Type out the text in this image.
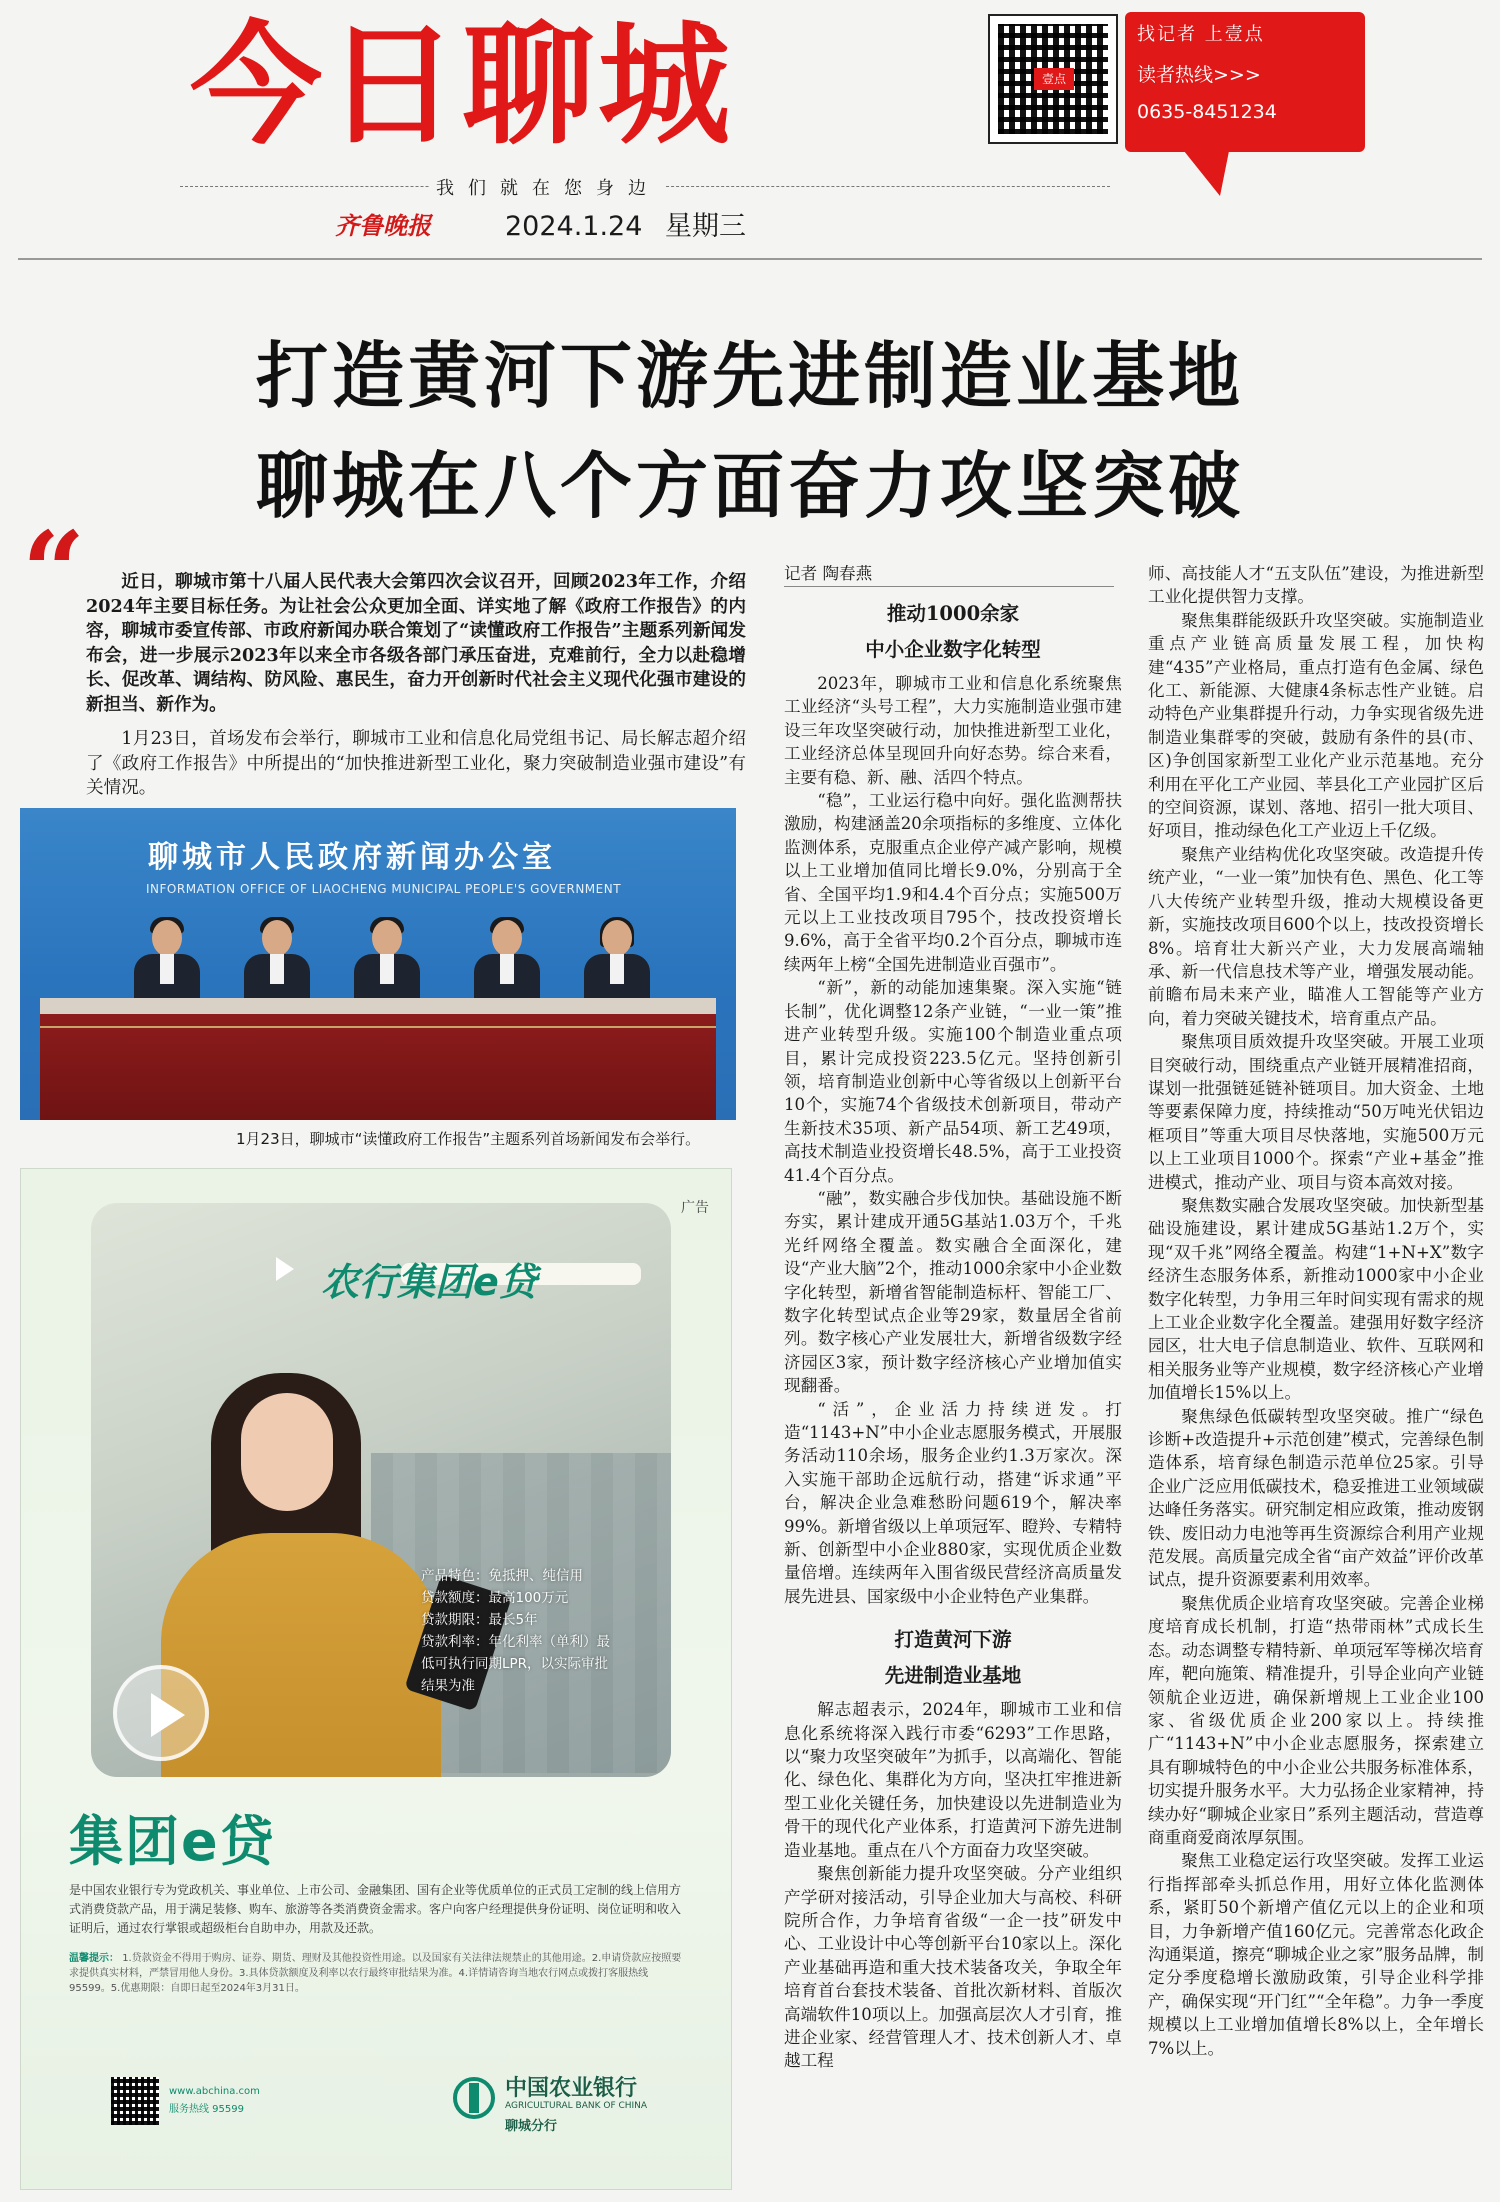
今日聊城	壹点
找记者 上壹点
读者热线>>>
0635-8451234
我们就在您身边
齐鲁晚报	2024.1.24 星期三
打造黄河下游先进制造业基地
聊城在八个方面奋力攻坚突破
“	近日，聊城市第十八届人民代表大会第四次会议召开，回顾2023年工作，介绍2024年主要目标任务。为让社会公众更加全面、详实地了解《政府工作报告》的内容，聊城市委宣传部、市政府新闻办联合策划了“读懂政府工作报告”主题系列新闻发布会，进一步展示2023年以来全市各级各部门承压奋进，克难前行，全力以赴稳增长、促改革、调结构、防风险、惠民生，奋力开创新时代社会主义现代化强市建设的新担当、新作为。

1月23日，首场发布会举行，聊城市工业和信息化局党组书记、局长解志超介绍了《政府工作报告》中所提出的“加快推进新型工业化，聚力突破制造业强市建设”有关情况。

聊城市人民政府新闻办公室
INFORMATION OFFICE OF LIAOCHENG MUNICIPAL PEOPLE'S GOVERNMENT
1月23日，聊城市“读懂政府工作报告”主题系列首场新闻发布会举行。
广告
农行集团e贷
产品特色：免抵押、纯信用
贷款额度：最高100万元
贷款期限：最长5年
贷款利率：年化利率（单利）最低可执行同期LPR，以实际审批结果为准
集团e贷
是中国农业银行专为党政机关、事业单位、上市公司、金融集团、国有企业等优质单位的正式员工定制的线上信用方式消费贷款产品，用于满足装修、购车、旅游等各类消费资金需求。客户向客户经理提供身份证明、岗位证明和收入证明后，通过农行掌银或超级柜台自助申办，用款及还款。
温馨提示： 1.贷款资金不得用于购房、证券、期货、理财及其他投资性用途。以及国家有关法律法规禁止的其他用途。2.申请贷款应按照要求提供真实材料，严禁冒用他人身份。3.具体贷款额度及利率以农行最终审批结果为准。4.详情请咨询当地农行网点或拨打客服热线95599。5.优惠期限：自即日起至2024年3月31日。
www.abchina.com
服务热线 95599
中国农业银行
AGRICULTURAL BANK OF CHINA
聊城分行
记者 陶春燕
推动1000余家
中小企业数字化转型

2023年，聊城市工业和信息化系统聚焦工业经济“头号工程”，大力实施制造业强市建设三年攻坚突破行动，加快推进新型工业化，工业经济总体呈现回升向好态势。综合来看，主要有稳、新、融、活四个特点。

“稳”，工业运行稳中向好。强化监测帮扶激励，构建涵盖20余项指标的多维度、立体化监测体系，克服重点企业停产减产影响，规模以上工业增加值同比增长9.0%，分别高于全省、全国平均1.9和4.4个百分点；实施500万元以上工业技改项目795个，技改投资增长9.6%，高于全省平均0.2个百分点，聊城市连续两年上榜“全国先进制造业百强市”。

“新”，新的动能加速集聚。深入实施“链长制”，优化调整12条产业链，“一业一策”推进产业转型升级。实施100个制造业重点项目，累计完成投资223.5亿元。坚持创新引领，培育制造业创新中心等省级以上创新平台10个，实施74个省级技术创新项目，带动产生新技术35项、新产品54项、新工艺49项，高技术制造业投资增长48.5%，高于工业投资41.4个百分点。

“融”，数实融合步伐加快。基础设施不断夯实，累计建成开通5G基站1.03万个，千兆光纤网络全覆盖。数实融合全面深化，建设“产业大脑”2个，推动1000余家中小企业数字化转型，新增省智能制造标杆、智能工厂、数字化转型试点企业等29家，数量居全省前列。数字核心产业发展壮大，新增省级数字经济园区3家，预计数字经济核心产业增加值实现翻番。

“活”，企业活力持续迸发。打造“1143+N”中小企业志愿服务模式，开展服务活动110余场，服务企业约1.3万家次。深入实施干部助企远航行动，搭建“诉求通”平台，解决企业急难愁盼问题619个，解决率99%。新增省级以上单项冠军、瞪羚、专精特新、创新型中小企业880家，实现优质企业数量倍增。连续两年入围省级民营经济高质量发展先进县、国家级中小企业特色产业集群。

打造黄河下游
先进制造业基地

解志超表示，2024年，聊城市工业和信息化系统将深入践行市委“6293”工作思路，以“聚力攻坚突破年”为抓手，以高端化、智能化、绿色化、集群化为方向，坚决扛牢推进新型工业化关键任务，加快建设以先进制造业为骨干的现代化产业体系，打造黄河下游先进制造业基地。重点在八个方面奋力攻坚突破。

聚焦创新能力提升攻坚突破。分产业组织产学研对接活动，引导企业加大与高校、科研院所合作，力争培育省级“一企一技”研发中心、工业设计中心等创新平台10家以上。深化产业基础再造和重大技术装备攻关，争取全年培育首台套技术装备、首批次新材料、首版次高端软件10项以上。加强高层次人才引育，推进企业家、经营管理人才、技术创新人才、卓越工程

师、高技能人才“五支队伍”建设，为推进新型工业化提供智力支撑。

聚焦集群能级跃升攻坚突破。实施制造业重点产业链高质量发展工程，加快构建“435”产业格局，重点打造有色金属、绿色化工、新能源、大健康4条标志性产业链。启动特色产业集群提升行动，力争实现省级先进制造业集群零的突破，鼓励有条件的县(市、区)争创国家新型工业化产业示范基地。充分利用在平化工产业园、莘县化工产业园扩区后的空间资源，谋划、落地、招引一批大项目、好项目，推动绿色化工产业迈上千亿级。

聚焦产业结构优化攻坚突破。改造提升传统产业，“一业一策”加快有色、黑色、化工等八大传统产业转型升级，推动大规模设备更新，实施技改项目600个以上，技改投资增长8%。培育壮大新兴产业，大力发展高端轴承、新一代信息技术等产业，增强发展动能。前瞻布局未来产业，瞄准人工智能等产业方向，着力突破关键技术，培育重点产品。

聚焦项目质效提升攻坚突破。开展工业项目突破行动，围绕重点产业链开展精准招商，谋划一批强链延链补链项目。加大资金、土地等要素保障力度，持续推动“50万吨光伏铝边框项目”等重大项目尽快落地，实施500万元以上工业项目1000个。探索“产业+基金”推进模式，推动产业、项目与资本高效对接。

聚焦数实融合发展攻坚突破。加快新型基础设施建设，累计建成5G基站1.2万个，实现“双千兆”网络全覆盖。构建“1+N+X”数字经济生态服务体系，新推动1000家中小企业数字化转型，力争用三年时间实现有需求的规上工业企业数字化全覆盖。建强用好数字经济园区，壮大电子信息制造业、软件、互联网和相关服务业等产业规模，数字经济核心产业增加值增长15%以上。

聚焦绿色低碳转型攻坚突破。推广“绿色诊断+改造提升+示范创建”模式，完善绿色制造体系，培育绿色制造示范单位25家。引导企业广泛应用低碳技术，稳妥推进工业领域碳达峰任务落实。研究制定相应政策，推动废钢铁、废旧动力电池等再生资源综合利用产业规范发展。高质量完成全省“亩产效益”评价改革试点，提升资源要素利用效率。

聚焦优质企业培育攻坚突破。完善企业梯度培育成长机制，打造“热带雨林”式成长生态。动态调整专精特新、单项冠军等梯次培育库，靶向施策、精准提升，引导企业向产业链领航企业迈进，确保新增规上工业企业100家、省级优质企业200家以上。持续推广“1143+N”中小企业志愿服务，探索建立具有聊城特色的中小企业公共服务标准体系，切实提升服务水平。大力弘扬企业家精神，持续办好“聊城企业家日”系列主题活动，营造尊商重商爱商浓厚氛围。

聚焦工业稳定运行攻坚突破。发挥工业运行指挥部牵头抓总作用，用好立体化监测体系，紧盯50个新增产值亿元以上的企业和项目，力争新增产值160亿元。完善常态化政企沟通渠道，擦亮“聊城企业之家”服务品牌，制定分季度稳增长激励政策，引导企业科学排产，确保实现“开门红”“全年稳”。力争一季度规模以上工业增加值增长8%以上，全年增长7%以上。
